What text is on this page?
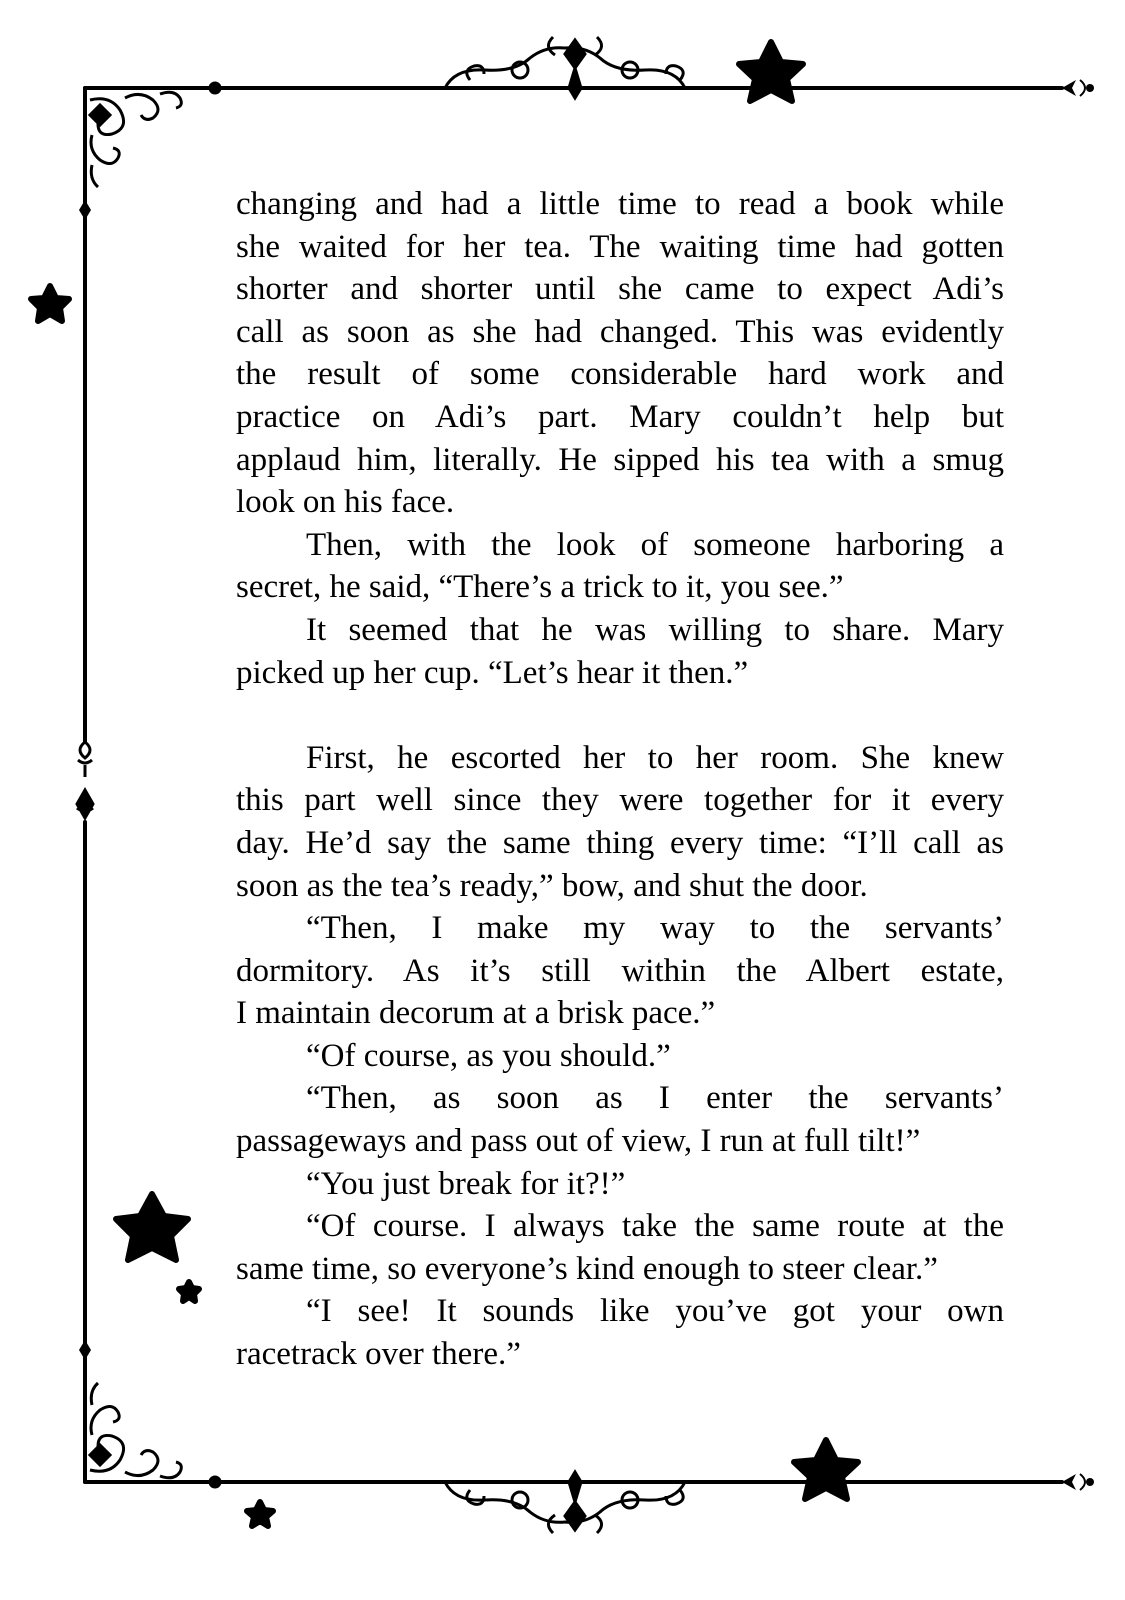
changing and had a little time to read a book while
she waited for her tea. The waiting time had gotten
shorter and shorter until she came to expect Adi’s
call as soon as she had changed. This was evidently
the result of some considerable hard work and
practice on Adi’s part. Mary couldn’t help but
applaud him, literally. He sipped his tea with a smug
look on his face.
Then, with the look of someone harboring a
secret, he said, “There’s a trick to it, you see.”
It seemed that he was willing to share. Mary
picked up her cup. “Let’s hear it then.”
First, he escorted her to her room. She knew
this part well since they were together for it every
day. He’d say the same thing every time: “I’ll call as
soon as the tea’s ready,” bow, and shut the door.
“Then, I make my way to the servants’
dormitory. As it’s still within the Albert estate,
I maintain decorum at a brisk pace.”
“Of course, as you should.”
“Then, as soon as I enter the servants’
passageways and pass out of view, I run at full tilt!”
“You just break for it?!”
“Of course. I always take the same route at the
same time, so everyone’s kind enough to steer clear.”
“I see! It sounds like you’ve got your own
racetrack over there.”
